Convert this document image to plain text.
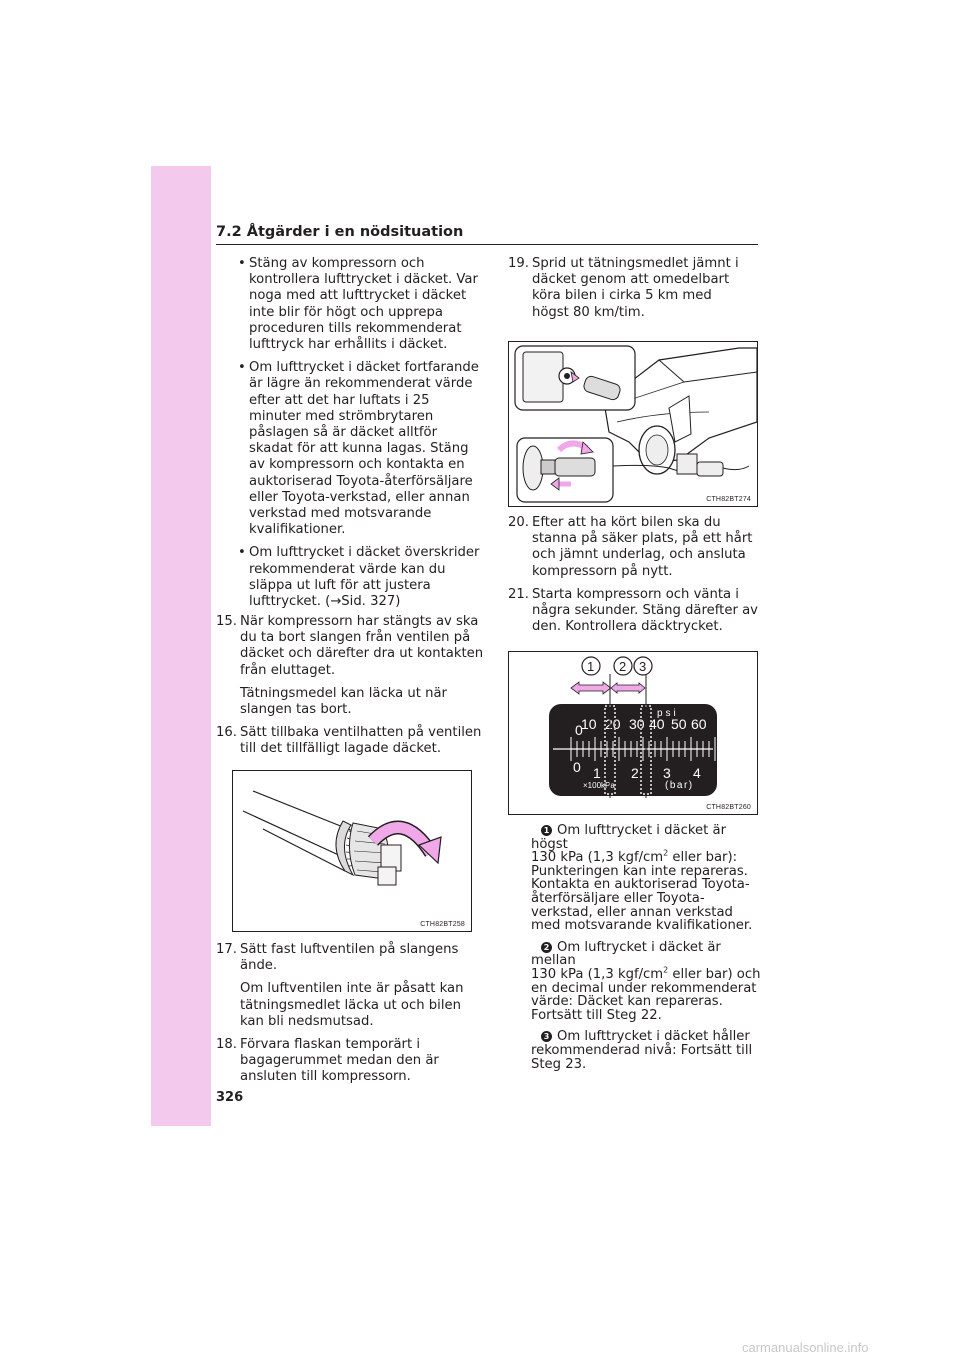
7.2 Åtgärder i en nödsituation

• Stäng av kompressorn och kontrollera lufttrycket i däcket. Var noga med att lufttrycket i däcket inte blir för högt och upprepa proceduren tills rekommenderat lufttryck har erhållits i däcket.

• Om lufttrycket i däcket fortfarande är lägre än rekommenderat värde efter att det har luftats i 25 minuter med strömbrytaren påslagen så är däcket alltför skadat för att kunna lagas. Stäng av kompressorn och kontakta en auktoriserad Toyota-återförsäljare eller Toyota-verkstad, eller annan verkstad med motsvarande kvalifikationer.

• Om lufttrycket i däcket överskrider rekommenderat värde kan du släppa ut luft för att justera lufttrycket. (→Sid. 327)

15. När kompressorn har stängts av ska du ta bort slangen från ventilen på däcket och därefter dra ut kontakten från eluttaget.

Tätningsmedel kan läcka ut när slangen tas bort.

16. Sätt tillbaka ventilhatten på ventilen till det tillfälligt lagade däcket.

CTH82BT258

17. Sätt fast luftventilen på slangens ände.

Om luftventilen inte är påsatt kan tätningsmedlet läcka ut och bilen kan bli nedsmutsad.

18. Förvara flaskan temporärt i bagagerummet medan den är ansluten till kompressorn.

19. Sprid ut tätningsmedlet jämnt i däcket genom att omedelbart köra bilen i cirka 5 km med högst 80 km/tim.

CTH82BT274

20. Efter att ha kört bilen ska du stanna på säker plats, på ett hårt och jämnt underlag, och ansluta kompressorn på nytt.

21. Starta kompressorn och vänta i några sekunder. Stäng därefter av den. Kontrollera däcktrycket.

0
10 20 30 40 50 60
psi
0 1 2 3 4
×100kPa	(bar)
1 2 3
CTH82BT260

1 Om lufttrycket i däcket är högst
130 kPa (1,3 kgf/$cm^2$ eller bar): Punkteringen kan inte repareras. Kontakta en auktoriserad Toyota-återförsäljare eller Toyota-verkstad, eller annan verkstad med motsvarande kvalifikationer.

2 Om luftrycket i däcket är mellan
130 kPa (1,3 kgf/$cm^2$ eller bar) och en decimal under rekommenderat värde: Däcket kan repareras. Fortsätt till Steg 22.

3 Om lufttrycket i däcket håller
rekommenderad nivå: Fortsätt till Steg 23.

326
carmanualsonline.info
